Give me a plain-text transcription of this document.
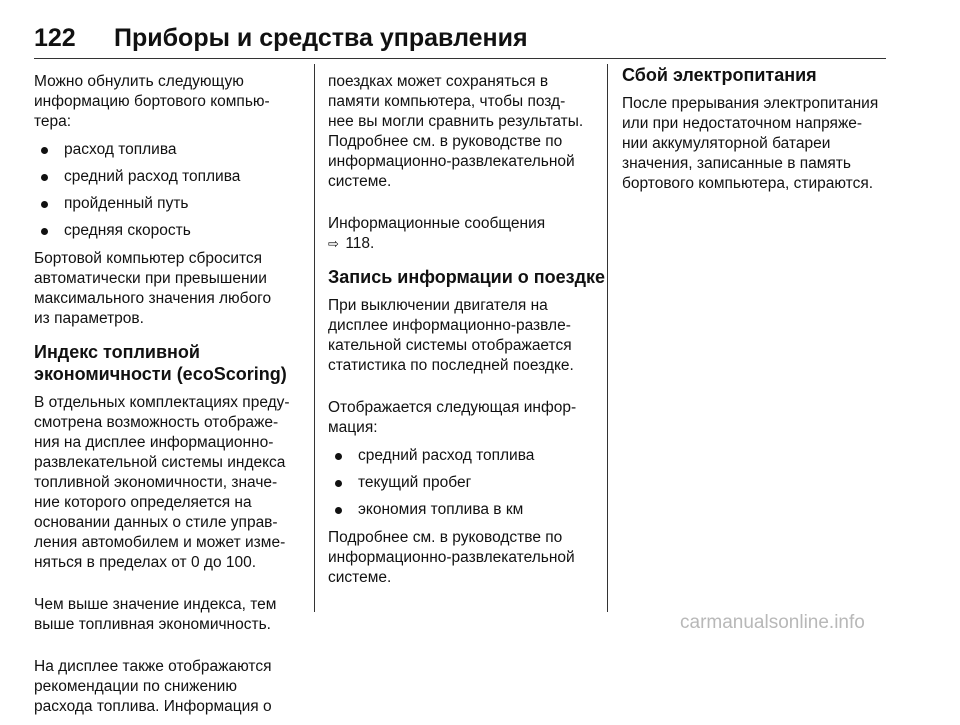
122 Приборы и средства управления

Можно обнулить следующую
информацию бортового компью-
тера:

расход топлива
средний расход топлива
пройденный путь
средняя скорость

Бортовой компьютер сбросится
автоматически при превышении
максимального значения любого
из параметров.

Индекс топливной
экономичности (ecoScoring)

В отдельных комплектациях преду-
смотрена возможность отображе-
ния на дисплее информационно-
развлекательной системы индекса
топливной экономичности, значе-
ние которого определяется на
основании данных о стиле управ-
ления автомобилем и может изме-
няться в пределах от 0 до 100.

Чем выше значение индекса, тем
выше топливная экономичность.

На дисплее также отображаются
рекомендации по снижению
расхода топлива. Информация о

поездках может сохраняться в
памяти компьютера, чтобы позд-
нее вы могли сравнить результаты.
Подробнее см. в руководстве по
информационно-развлекательной
системе.

Информационные сообщения
⇨ 118.

Запись информации о поездке

При выключении двигателя на
дисплее информационно-развле-
кательной системы отображается
статистика по последней поездке.

Отображается следующая инфор-
мация:

средний расход топлива
текущий пробег
экономия топлива в км

Подробнее см. в руководстве по
информационно-развлекательной
системе.

Сбой электропитания

После прерывания электропитания
или при недостаточном напряже-
нии аккумуляторной батареи
значения, записанные в память
бортового компьютера, стираются.

carmanualsonline.info
